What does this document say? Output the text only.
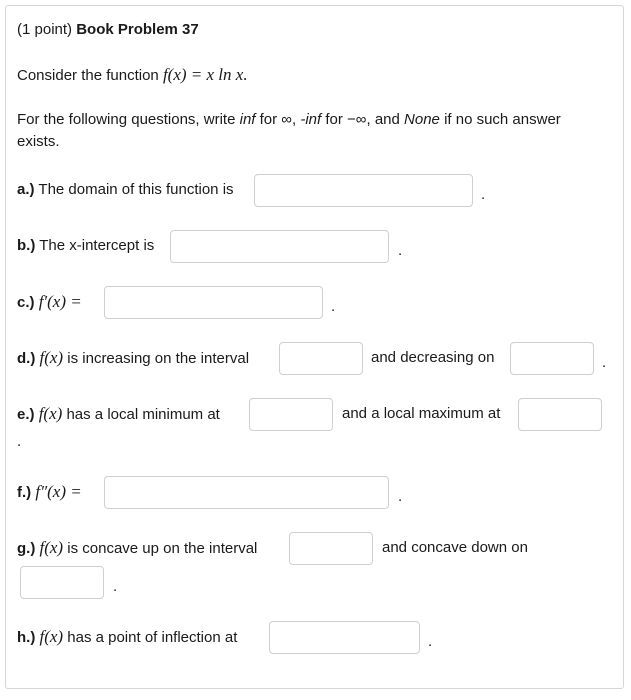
(1 point) Book Problem 37
Consider the function f(x) = x ln x.
For the following questions, write inf for ∞, -inf for −∞, and None if no such answer
exists.
a.) The domain of this function is	.
b.) The x-intercept is	.
c.) f′(x) =	.
d.) f(x) is increasing on the interval	and decreasing on	.
e.) f(x) has a local minimum at	and a local maximum at
.
f.) f″(x) =	.
g.) f(x) is concave up on the interval	and concave down on
.
h.) f(x) has a point of inflection at	.
